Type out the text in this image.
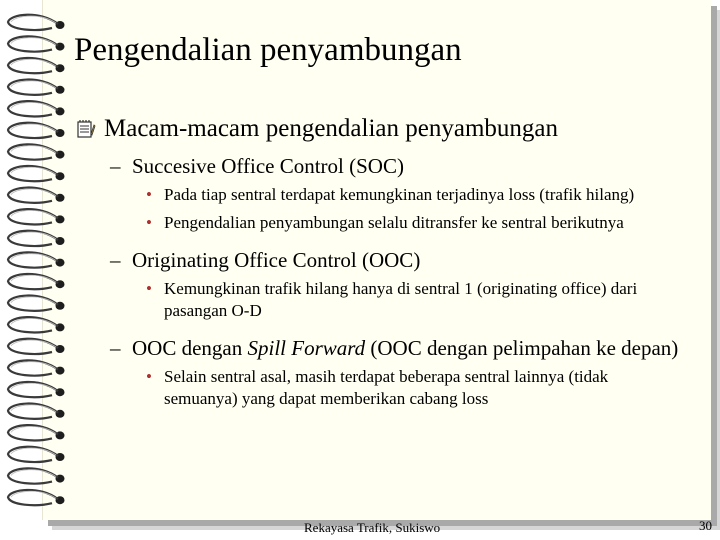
Pengendalian penyambungan
Macam-macam pengendalian penyambungan
– Succesive Office Control (SOC)
• Pada tiap sentral terdapat kemungkinan terjadinya loss (trafik hilang)
• Pengendalian penyambungan selalu ditransfer ke sentral berikutnya
– Originating Office Control (OOC)
• Kemungkinan trafik hilang hanya di sentral 1 (originating office) dari pasangan O-D
– OOC dengan Spill Forward (OOC dengan pelimpahan ke depan)
• Selain sentral asal, masih terdapat beberapa sentral lainnya (tidak semuanya) yang dapat memberikan cabang loss
Rekayasa Trafik, Sukiswo	30
